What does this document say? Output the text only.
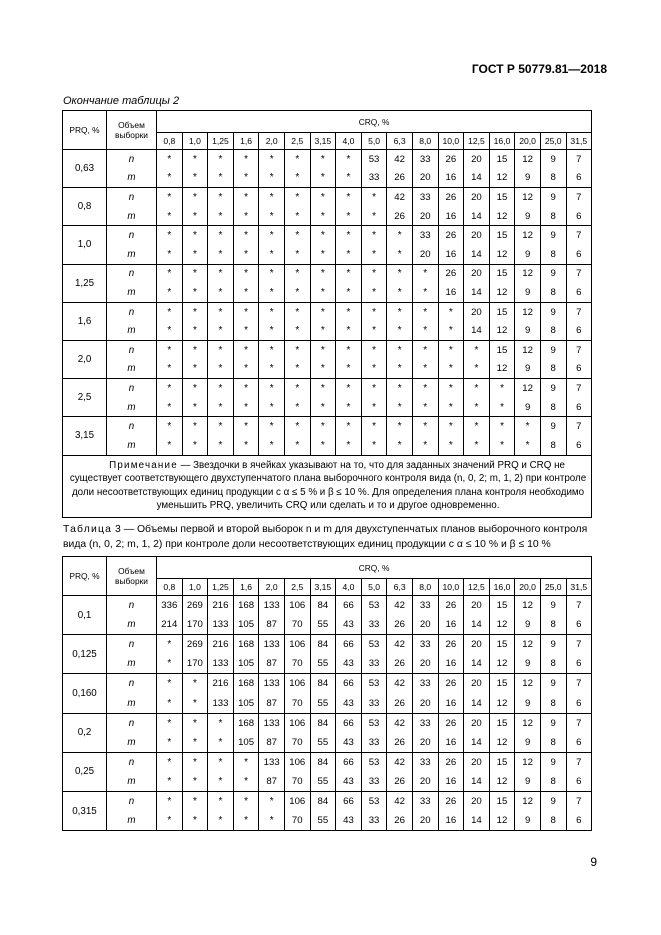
ГОСТ Р 50779.81—2018
Окончание таблицы 2
PRQ, %	Объем выборки	CRQ, %																
		0,8	1,0	1,25	1,6	2,0	2,5	3,15	4,0	5,0	6,3	8,0	10,0	12,5	16,0	20,0	25,0	31,5
0,63	n	*	*	*	*	*	*	*	*	53	42	33	26	20	15	12	9	7
	m	*	*	*	*	*	*	*	*	33	26	20	16	14	12	9	8	6
0,8	n	*	*	*	*	*	*	*	*	*	42	33	26	20	15	12	9	7
	m	*	*	*	*	*	*	*	*	*	26	20	16	14	12	9	8	6
1,0	n	*	*	*	*	*	*	*	*	*	*	33	26	20	15	12	9	7
	m	*	*	*	*	*	*	*	*	*	*	20	16	14	12	9	8	6
1,25	n	*	*	*	*	*	*	*	*	*	*	*	26	20	15	12	9	7
	m	*	*	*	*	*	*	*	*	*	*	*	16	14	12	9	8	6
1,6	n	*	*	*	*	*	*	*	*	*	*	*	*	20	15	12	9	7
	m	*	*	*	*	*	*	*	*	*	*	*	*	14	12	9	8	6
2,0	n	*	*	*	*	*	*	*	*	*	*	*	*	*	15	12	9	7
	m	*	*	*	*	*	*	*	*	*	*	*	*	*	12	9	8	6
2,5	n	*	*	*	*	*	*	*	*	*	*	*	*	*	*	12	9	7
	m	*	*	*	*	*	*	*	*	*	*	*	*	*	*	9	8	6
3,15	n	*	*	*	*	*	*	*	*	*	*	*	*	*	*	*	9	7
	m	*	*	*	*	*	*	*	*	*	*	*	*	*	*	*	8	6
Примечание — Звездочки в ячейках указывают на то, что для заданных значений PRQ и CRQ не существует соответствующего двухступенчатого плана выборочного контроля вида (n, 0, 2; m, 1, 2) при контроле доли несоответствующих единиц продукции с α ≤ 5 % и β ≤ 10 %. Для определения плана контроля необходимо уменьшить PRQ, увеличить CRQ или сделать и то и другое одновременно.																		
Таблица 3 — Объемы первой и второй выборок n и m для двухступенчатых планов выборочного контроля вида (n, 0, 2; m, 1, 2) при контроле доли несоответствующих единиц продукции с α ≤ 10 % и β ≤ 10 %
PRQ, %	Объем выборки	CRQ, %																
		0,8	1,0	1,25	1,6	2,0	2,5	3,15	4,0	5,0	6,3	8,0	10,0	12,5	16,0	20,0	25,0	31,5
0,1	n	336	269	216	168	133	106	84	66	53	42	33	26	20	15	12	9	7
	m	214	170	133	105	87	70	55	43	33	26	20	16	14	12	9	8	6
0,125	n	*	269	216	168	133	106	84	66	53	42	33	26	20	15	12	9	7
	m	*	170	133	105	87	70	55	43	33	26	20	16	14	12	9	8	6
0,160	n	*	*	216	168	133	106	84	66	53	42	33	26	20	15	12	9	7
	m	*	*	133	105	87	70	55	43	33	26	20	16	14	12	9	8	6
0,2	n	*	*	*	168	133	106	84	66	53	42	33	26	20	15	12	9	7
	m	*	*	*	105	87	70	55	43	33	26	20	16	14	12	9	8	6
0,25	n	*	*	*	*	133	106	84	66	53	42	33	26	20	15	12	9	7
	m	*	*	*	*	87	70	55	43	33	26	20	16	14	12	9	8	6
0,315	n	*	*	*	*	*	106	84	66	53	42	33	26	20	15	12	9	7
	m	*	*	*	*	*	70	55	43	33	26	20	16	14	12	9	8	6
9
